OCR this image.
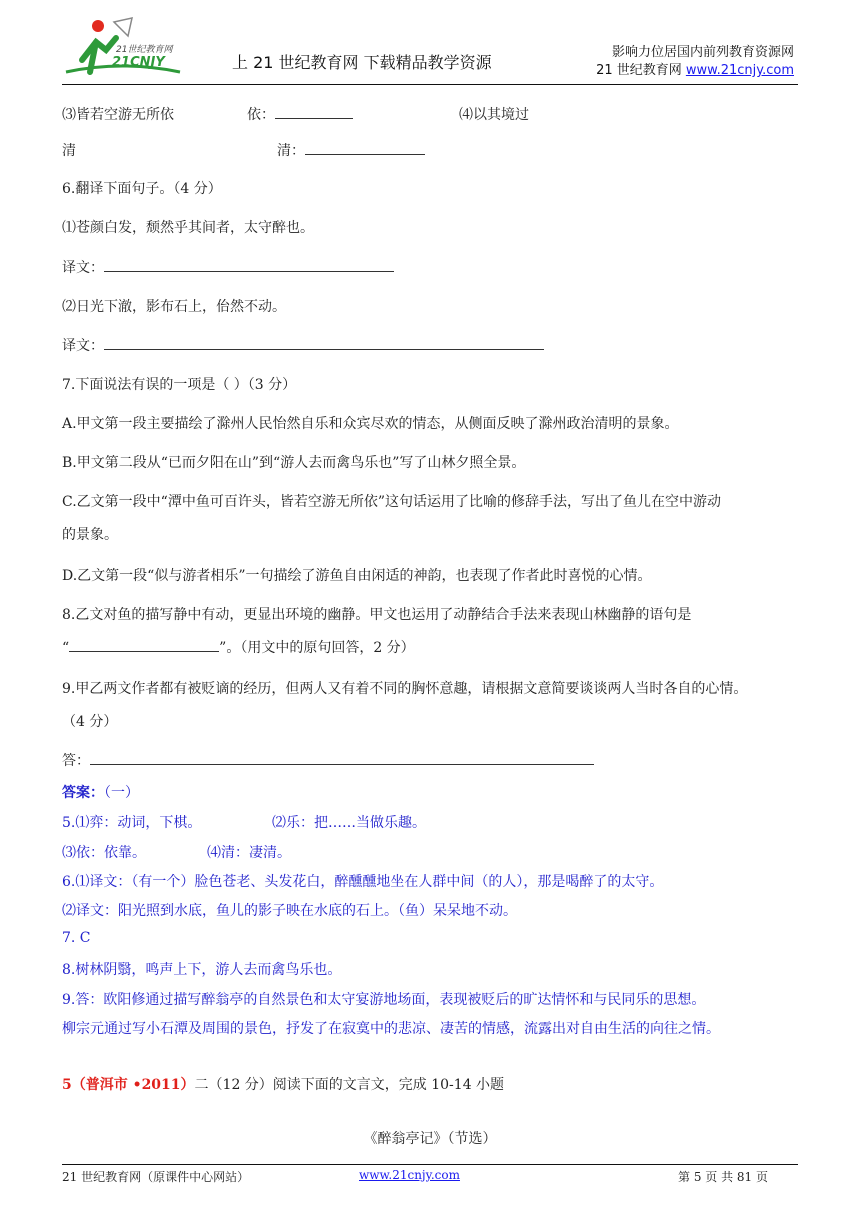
21世纪教育网
21CNJY	上 21 世纪教育网 下载精品教学资源
影响力位居国内前列教育资源网
21 世纪教育网 www.21cnjy.com
⑶皆若空游无所依	依：	⑷以其境过
清	清：
6.翻译下面句子。（4 分）
⑴苍颜白发，颓然乎其间者，太守醉也。
译文：
⑵日光下澈，影布石上，佁然不动。
译文：
7.下面说法有误的一项是（ ）（3 分）
A.甲文第一段主要描绘了滁州人民怡然自乐和众宾尽欢的情态，从侧面反映了滁州政治清明的景象。
B.甲文第二段从“已而夕阳在山”到“游人去而禽鸟乐也”写了山林夕照全景。
C.乙文第一段中“潭中鱼可百许头，皆若空游无所依”这句话运用了比喻的修辞手法，写出了鱼儿在空中游动
的景象。
D.乙文第一段“似与游者相乐”一句描绘了游鱼自由闲适的神韵，也表现了作者此时喜悦的心情。
8.乙文对鱼的描写静中有动，更显出环境的幽静。甲文也运用了动静结合手法来表现山林幽静的语句是
“	”。（用文中的原句回答，2 分）
9.甲乙两文作者都有被贬谪的经历，但两人又有着不同的胸怀意趣，请根据文意简要谈谈两人当时各自的心情。
（4 分）
答：
答案：（一）
5.⑴弈：动词，下棋。	⑵乐：把……当做乐趣。
⑶依：依靠。	⑷清：凄清。
6.⑴译文：（有一个）脸色苍老、头发花白，醉醺醺地坐在人群中间（的人），那是喝醉了的太守。
⑵译文：阳光照到水底，鱼儿的影子映在水底的石上。（鱼）呆呆地不动。
7. C
8.树林阴翳，鸣声上下，游人去而禽鸟乐也。
9.答：欧阳修通过描写醉翁亭的自然景色和太守宴游地场面，表现被贬后的旷达情怀和与民同乐的思想。
柳宗元通过写小石潭及周围的景色，抒发了在寂寞中的悲凉、凄苦的情感，流露出对自由生活的向往之情。
5（普洱市 •2011）二（12 分）阅读下面的文言文，完成 10-14 小题
《醉翁亭记》（节选）
21 世纪教育网（原课件中心网站）	www.21cnjy.com	第 5 页 共 81 页
